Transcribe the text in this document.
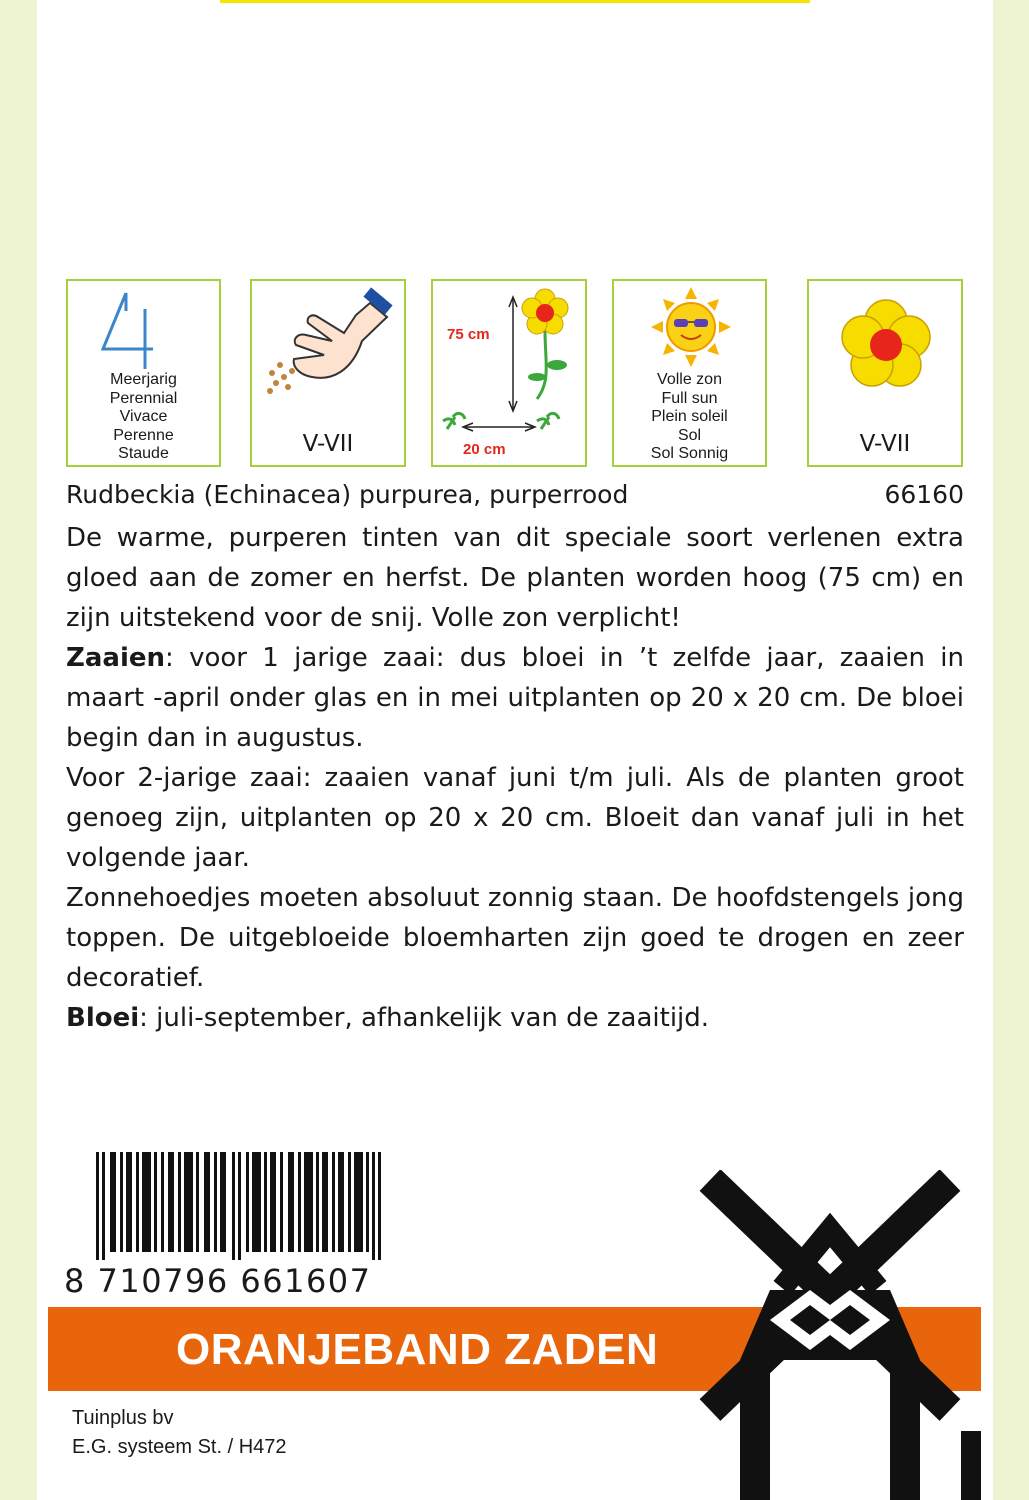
4
Meerjarig
Perennial
Vivace
Perenne
Staude	V-VII
75 cm
20 cm
Volle zon
Full sun
Plein soleil
Sol
Sol Sonnig	V-VII
Rudbeckia (Echinacea) purpurea, purperrood	66160

De warme, purperen tinten van dit speciale soort verlenen extra gloed aan de zomer en herfst. De planten worden hoog (75 cm) en zijn uitstekend voor de snij. Volle zon verplicht!

Zaaien: voor 1 jarige zaai: dus bloei in ’t zelfde jaar, zaaien in maart -april onder glas en in mei uitplanten op 20 x 20 cm. De bloei begin dan in augustus.

Voor 2-jarige zaai: zaaien vanaf juni t/m juli. Als de planten groot genoeg zijn, uitplanten op 20 x 20 cm. Bloeit dan vanaf juli in het volgende jaar.

Zonnehoedjes moeten absoluut zonnig staan. De hoofdstengels jong toppen. De uitgebloeide bloemharten zijn goed te drogen en zeer decoratief.

Bloei: juli-september, afhankelijk van de zaaitijd.

8 710796 661607
ORANJEBAND ZADEN
Tuinplus bv
E.G. systeem St. / H472
